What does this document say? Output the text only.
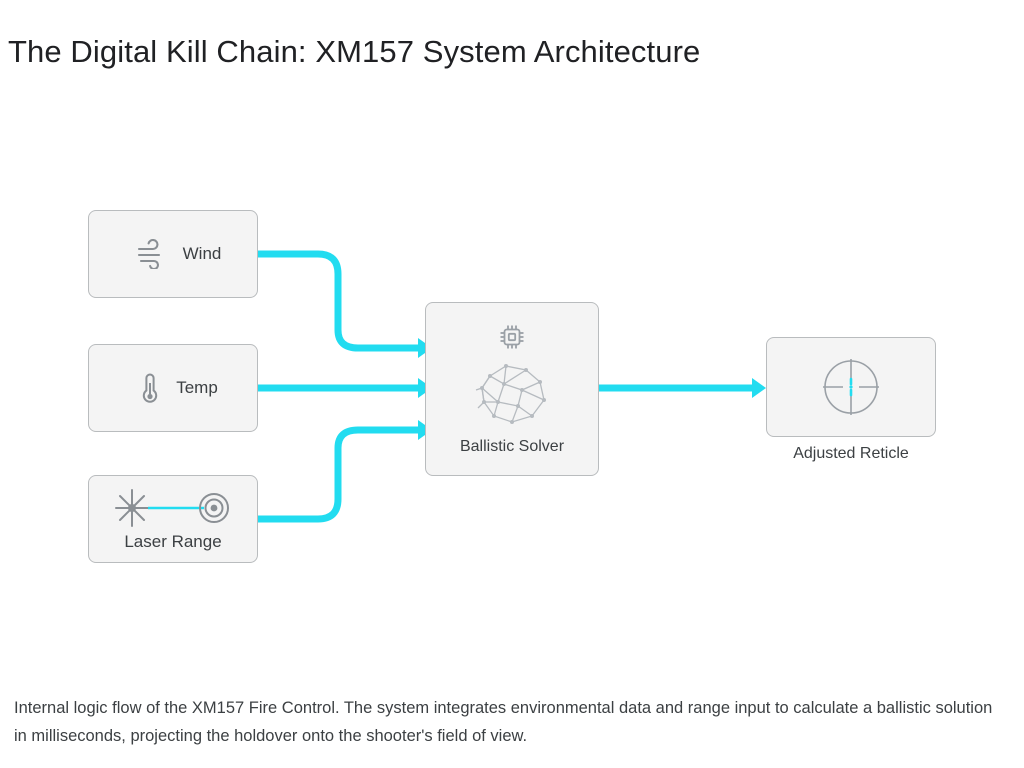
The Digital Kill Chain: XM157 System Architecture
Wind
Temp
Laser Range
Ballistic Solver	Adjusted Reticle
Internal logic flow of the XM157 Fire Control. The system integrates environmental data and range input to calculate a ballistic solution in milliseconds, projecting the holdover onto the shooter's field of view.
